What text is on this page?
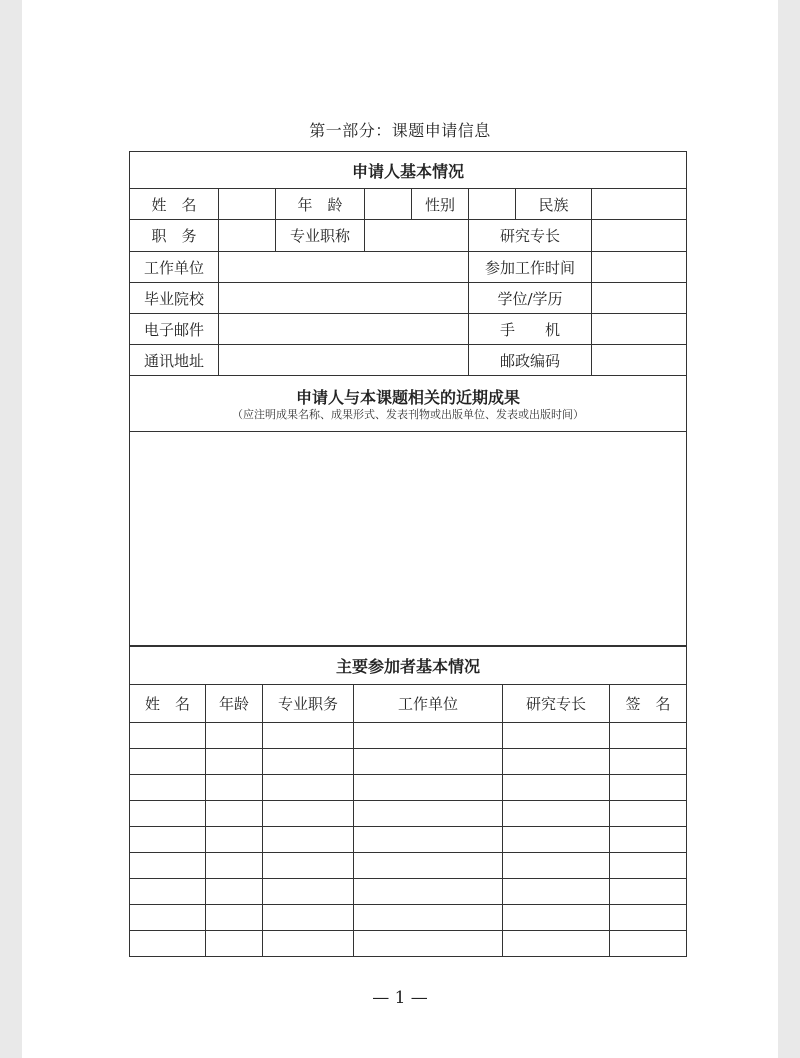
第一部分：课题申请信息
申请人基本情况							
姓　名		年　龄		性别		民族	
职　务		专业职称			研究专长		
工作单位					参加工作时间		
毕业院校					学位/学历		
电子邮件					手　　机		
通讯地址					邮政编码		

申请人与本课题相关的近期成果
（应注明成果名称、成果形式、发表刊物或出版单位、发表或出版时间）							

主要参加者基本情况					
姓　名	年龄	专业职务	工作单位	研究专长	签　名

— 1 —
